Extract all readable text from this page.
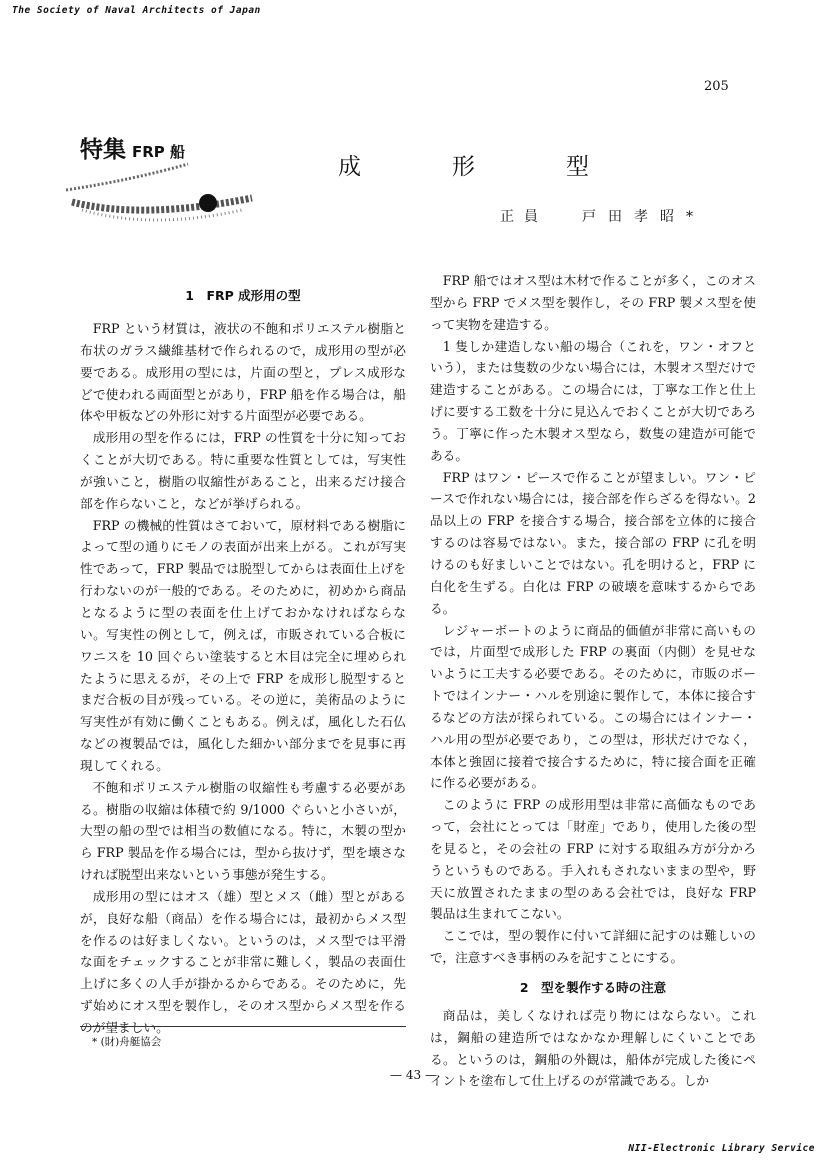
The Society of Naval Architects of Japan
205
特集 FRP 船
成　形　型
正員 戸田孝昭*
1　FRP 成形用の型

FRP という材質は，液状の不飽和ポリエステル樹脂と布状のガラス繊維基材で作られるので，成形用の型が必要である。成形用の型には，片面の型と，プレス成形などで使われる両面型とがあり，FRP 船を作る場合は，船体や甲板などの外形に対する片面型が必要である。

成形用の型を作るには，FRP の性質を十分に知っておくことが大切である。特に重要な性質としては，写実性が強いこと，樹脂の収縮性があること，出来るだけ接合部を作らないこと，などが挙げられる。

FRP の機械的性質はさておいて，原材料である樹脂によって型の通りにモノの表面が出来上がる。これが写実性であって，FRP 製品では脱型してからは表面仕上げを行わないのが一般的である。そのために，初めから商品となるように型の表面を仕上げておかなければならない。写実性の例として，例えば，市販されている合板にワニスを 10 回ぐらい塗装すると木目は完全に埋められたように思えるが，その上で FRP を成形し脱型するとまだ合板の目が残っている。その逆に，美術品のように写実性が有効に働くこともある。例えば，風化した石仏などの複製品では，風化した細かい部分までを見事に再現してくれる。

不飽和ポリエステル樹脂の収縮性も考慮する必要がある。樹脂の収縮は体積で約 9/1000 ぐらいと小さいが，大型の船の型では相当の数値になる。特に，木製の型から FRP 製品を作る場合には，型から抜けず，型を壊さなければ脱型出来ないという事態が発生する。

成形用の型にはオス（雄）型とメス（雌）型とがあるが，良好な船（商品）を作る場合には，最初からメス型を作るのは好ましくない。というのは，メス型では平滑な面をチェックすることが非常に難しく，製品の表面仕上げに多くの人手が掛かるからである。そのために，先ず始めにオス型を製作し，そのオス型からメス型を作るのが望ましい。

FRP 船ではオス型は木材で作ることが多く，このオス型から FRP でメス型を製作し，その FRP 製メス型を使って実物を建造する。

1 隻しか建造しない船の場合（これを，ワン・オフという），または隻数の少ない場合には，木製オス型だけで建造することがある。この場合には，丁寧な工作と仕上げに要する工数を十分に見込んでおくことが大切であろう。丁寧に作った木製オス型なら，数隻の建造が可能である。

FRP はワン・ピースで作ることが望ましい。ワン・ピースで作れない場合には，接合部を作らざるを得ない。2 品以上の FRP を接合する場合，接合部を立体的に接合するのは容易ではない。また，接合部の FRP に孔を明けるのも好ましいことではない。孔を明けると，FRP に白化を生ずる。白化は FRP の破壊を意味するからである。

レジャーボートのように商品的価値が非常に高いものでは，片面型で成形した FRP の裏面（内側）を見せないように工夫する必要である。そのために，市販のボートではインナー・ハルを別途に製作して，本体に接合するなどの方法が採られている。この場合にはインナー・ハル用の型が必要であり，この型は，形状だけでなく，本体と強固に接着で接合するために，特に接合面を正確に作る必要がある。

このように FRP の成形用型は非常に高価なものであって，会社にとっては「財産」であり，使用した後の型を見ると，その会社の FRP に対する取組み方が分かろうというものである。手入れもされないままの型や，野天に放置されたままの型のある会社では，良好な FRP 製品は生まれてこない。

ここでは，型の製作に付いて詳細に記すのは難しいので，注意すべき事柄のみを記すことにする。

2　型を製作する時の注意

商品は，美しくなければ売り物にはならない。これは，鋼船の建造所ではなかなか理解しにくいことである。というのは，鋼船の外観は，船体が完成した後にペイントを塗布して仕上げるのが常識である。しか

* (財)舟艇協会
— 43 —
NII-Electronic Library Service
